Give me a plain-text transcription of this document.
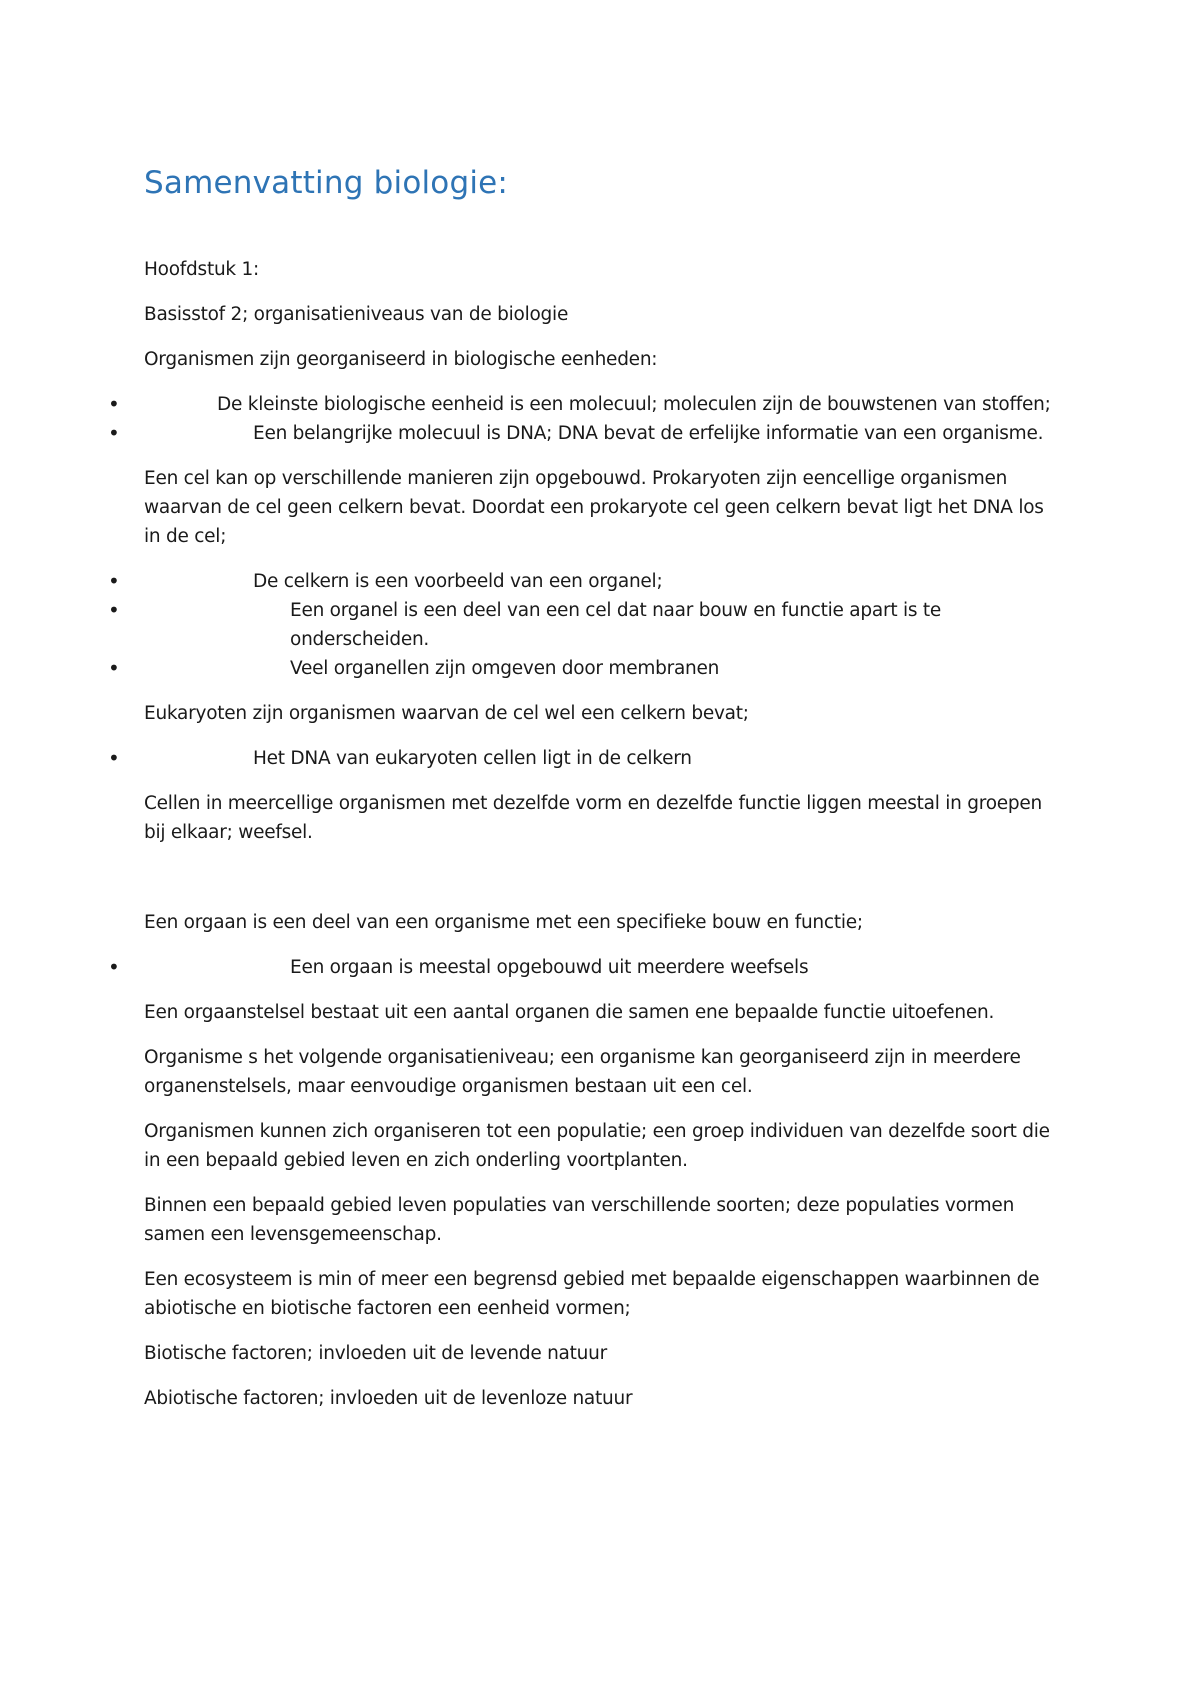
Samenvatting biologie:

Hoofdstuk 1:

Basisstof 2; organisatieniveaus van de biologie

Organismen zijn georganiseerd in biologische eenheden:

• De kleinste biologische eenheid is een molecuul; moleculen zijn de bouwstenen van stoffen;
• Een belangrijke molecuul is DNA; DNA bevat de erfelijke informatie van een organisme.

Een cel kan op verschillende manieren zijn opgebouwd. Prokaryoten zijn eencellige organismen waarvan de cel geen celkern bevat. Doordat een prokaryote cel geen celkern bevat ligt het DNA los in de cel;

• De celkern is een voorbeeld van een organel;
• Een organel is een deel van een cel dat naar bouw en functie apart is te onderscheiden.
• Veel organellen zijn omgeven door membranen

Eukaryoten zijn organismen waarvan de cel wel een celkern bevat;

• Het DNA van eukaryoten cellen ligt in de celkern

Cellen in meercellige organismen met dezelfde vorm en dezelfde functie liggen meestal in groepen bij elkaar; weefsel.

Een orgaan is een deel van een organisme met een specifieke bouw en functie;

• Een orgaan is meestal opgebouwd uit meerdere weefsels

Een orgaanstelsel bestaat uit een aantal organen die samen ene bepaalde functie uitoefenen.

Organisme s het volgende organisatieniveau; een organisme kan georganiseerd zijn in meerdere organenstelsels, maar eenvoudige organismen bestaan uit een cel.

Organismen kunnen zich organiseren tot een populatie; een groep individuen van dezelfde soort die in een bepaald gebied leven en zich onderling voortplanten.

Binnen een bepaald gebied leven populaties van verschillende soorten; deze populaties vormen samen een levensgemeenschap.

Een ecosysteem is min of meer een begrensd gebied met bepaalde eigenschappen waarbinnen de abiotische en biotische factoren een eenheid vormen;

Biotische factoren; invloeden uit de levende natuur

Abiotische factoren; invloeden uit de levenloze natuur
